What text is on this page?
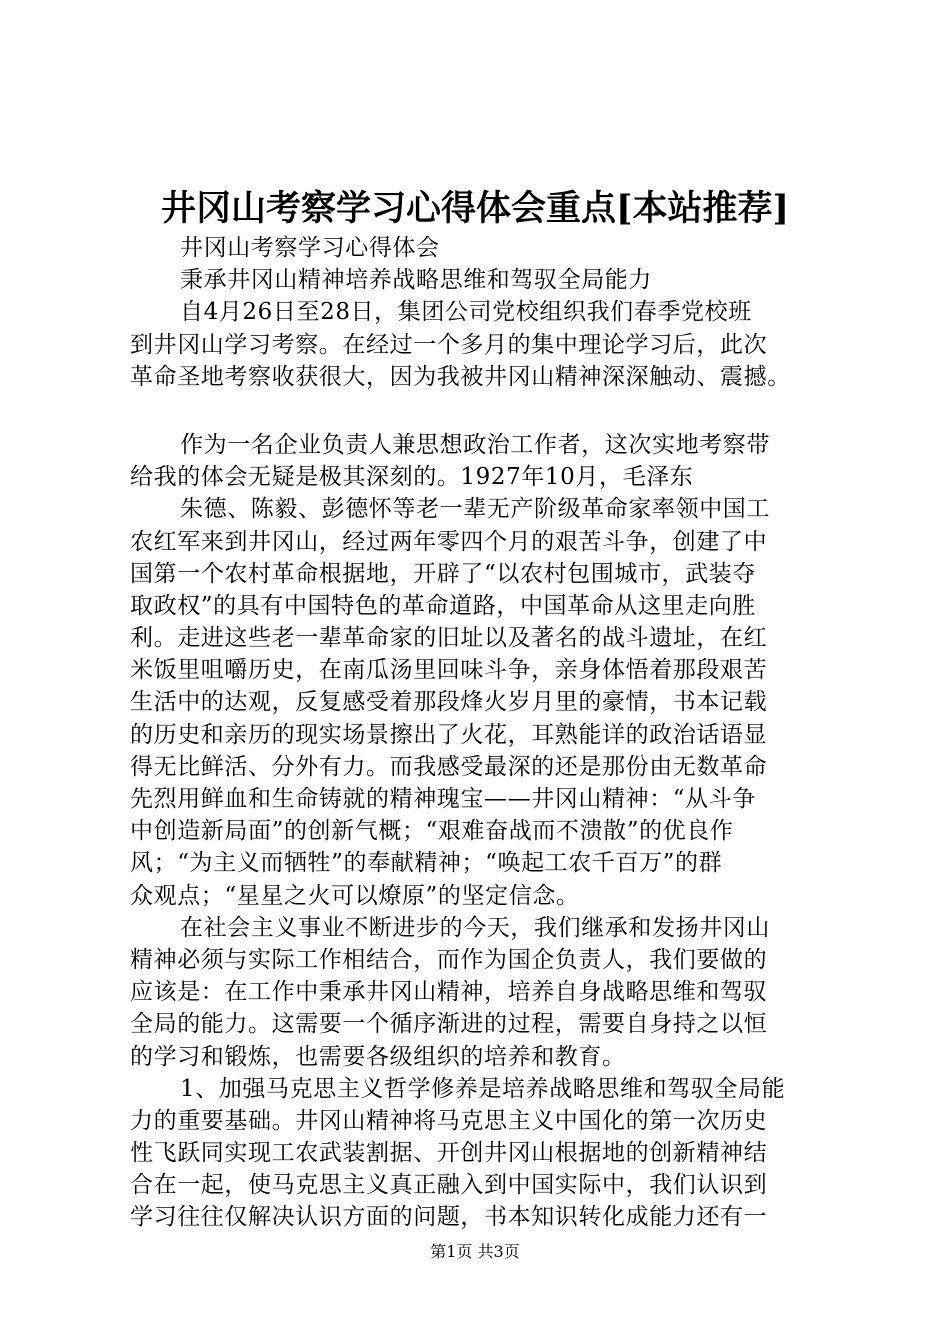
井冈山考察学习心得体会重点[本站推荐]
井冈山考察学习心得体会
秉承井冈山精神培养战略思维和驾驭全局能力
自4月26日至28日，集团公司党校组织我们春季党校班
到井冈山学习考察。在经过一个多月的集中理论学习后，此次
革命圣地考察收获很大，因为我被井冈山精神深深触动、震撼。
作为一名企业负责人兼思想政治工作者，这次实地考察带
给我的体会无疑是极其深刻的。1927年10月，毛泽东
朱德、陈毅、彭德怀等老一辈无产阶级革命家率领中国工
农红军来到井冈山，经过两年零四个月的艰苦斗争，创建了中
国第一个农村革命根据地，开辟了“以农村包围城市，武装夺
取政权”的具有中国特色的革命道路，中国革命从这里走向胜
利。走进这些老一辈革命家的旧址以及著名的战斗遗址，在红
米饭里咀嚼历史，在南瓜汤里回味斗争，亲身体悟着那段艰苦
生活中的达观，反复感受着那段烽火岁月里的豪情，书本记载
的历史和亲历的现实场景擦出了火花，耳熟能详的政治话语显
得无比鲜活、分外有力。而我感受最深的还是那份由无数革命
先烈用鲜血和生命铸就的精神瑰宝——井冈山精神：“从斗争
中创造新局面”的创新气概；“艰难奋战而不溃散”的优良作
风；“为主义而牺牲”的奉献精神；“唤起工农千百万”的群
众观点；“星星之火可以燎原”的坚定信念。
在社会主义事业不断进步的今天，我们继承和发扬井冈山
精神必须与实际工作相结合，而作为国企负责人，我们要做的
应该是：在工作中秉承井冈山精神，培养自身战略思维和驾驭
全局的能力。这需要一个循序渐进的过程，需要自身持之以恒
的学习和锻炼，也需要各级组织的培养和教育。
1、加强马克思主义哲学修养是培养战略思维和驾驭全局能
力的重要基础。井冈山精神将马克思主义中国化的第一次历史
性飞跃同实现工农武装割据、开创井冈山根据地的创新精神结
合在一起，使马克思主义真正融入到中国实际中，我们认识到
学习往往仅解决认识方面的问题，书本知识转化成能力还有一
第1页 共3页
